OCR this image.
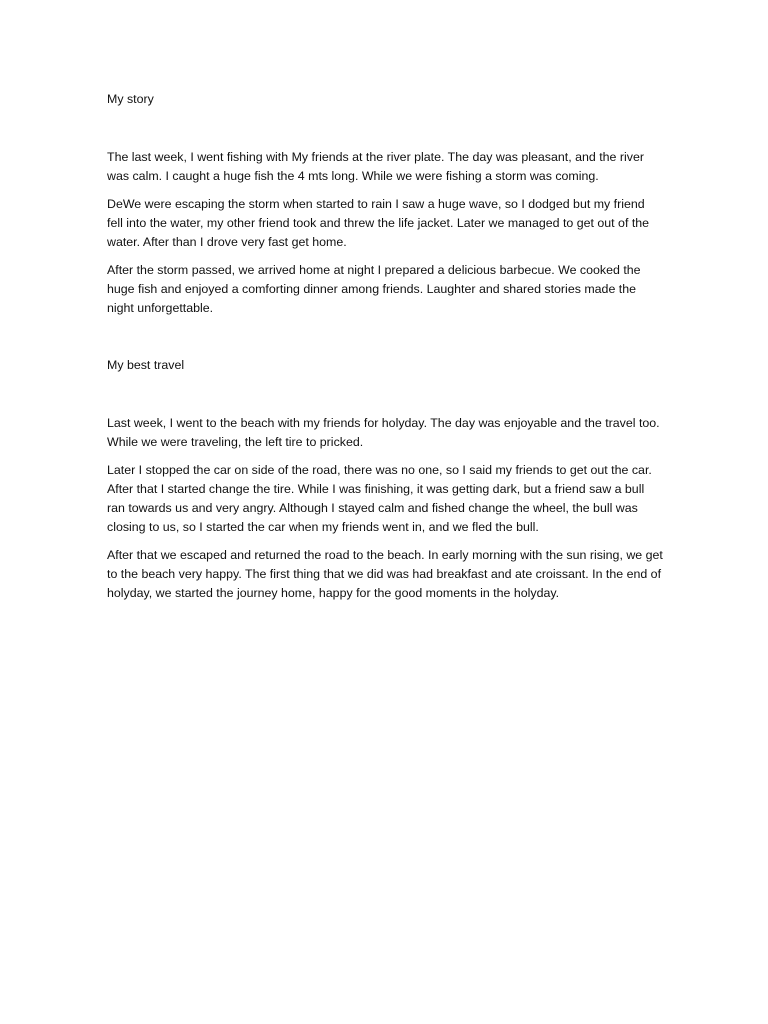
My story

The last week, I went fishing with My friends at the river plate. The day was pleasant, and the river was calm. I caught a huge fish the 4 mts long. While we were fishing a storm was coming.

DeWe were escaping the storm when started to rain I saw a huge wave, so I dodged but my friend fell into the water, my other friend took and threw the life jacket. Later we managed to get out of the water. After than I drove very fast get home.

After the storm passed, we arrived home at night I prepared a delicious barbecue. We cooked the huge fish and enjoyed a comforting dinner among friends. Laughter and shared stories made the night unforgettable.

My best travel

Last week, I went to the beach with my friends for holyday. The day was enjoyable and the travel too. While we were traveling, the left tire to pricked.

Later I stopped the car on side of the road, there was no one, so I said my friends to get out the car. After that I started change the tire. While I was finishing, it was getting dark, but a friend saw a bull ran towards us and very angry. Although I stayed calm and fished change the wheel, the bull was closing to us, so I started the car when my friends went in, and we fled the bull.

After that we escaped and returned the road to the beach. In early morning with the sun rising, we get to the beach very happy. The first thing that we did was had breakfast and ate croissant. In the end of holyday, we started the journey home, happy for the good moments in the holyday.
